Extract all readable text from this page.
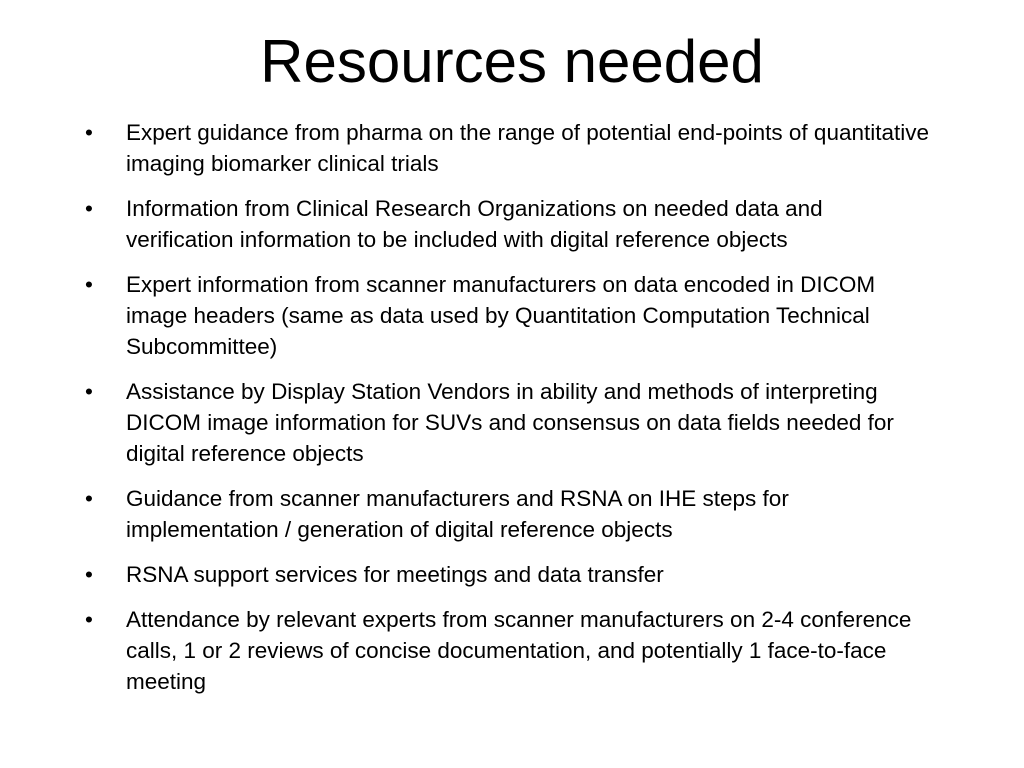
Resources needed
•	Expert guidance from pharma on the range of potential end-points of quantitative imaging biomarker clinical trials
•	Information from Clinical Research Organizations on needed data and verification information to be included with digital reference objects
•	Expert information from scanner manufacturers on data encoded in DICOM image headers (same as data used by Quantitation Computation Technical Subcommittee)
•	Assistance by Display Station Vendors in ability and methods of interpreting DICOM image information for SUVs and consensus on data fields needed for digital reference objects
•	Guidance from scanner manufacturers and RSNA on IHE steps for implementation / generation of digital reference objects
•	RSNA support services for meetings and data transfer
•	Attendance by relevant experts from scanner manufacturers on 2-4 conference calls, 1 or 2 reviews of concise documentation, and potentially 1 face-to-face meeting
